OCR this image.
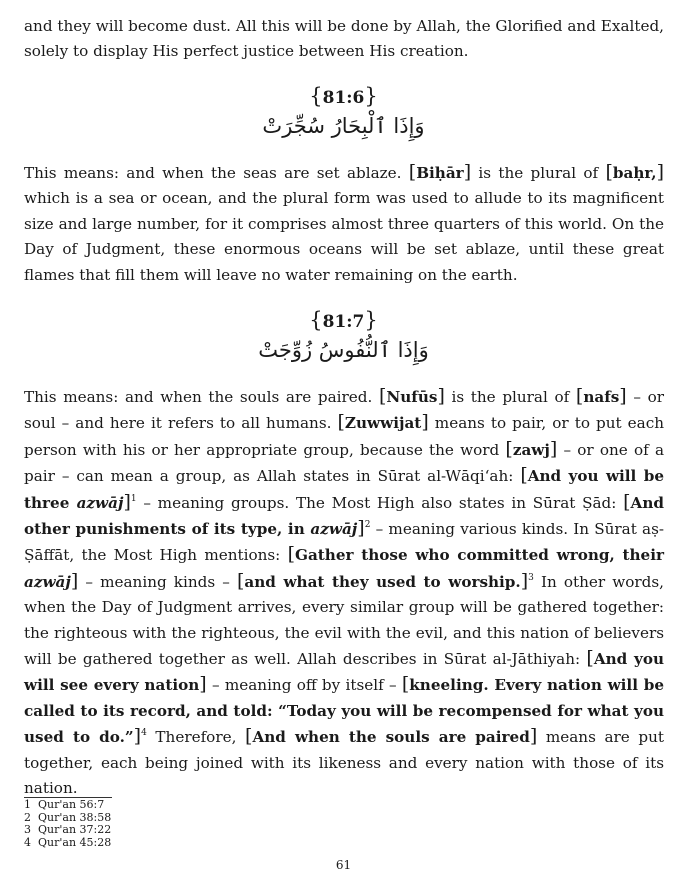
and they will become dust. All this will be done by Allah, the Glorified and Exalted, solely to display His perfect justice between His creation.

{81:6}

وَإِذَا ٱلْبِحَارُ سُجِّرَتْ

This means: and when the seas are set ablaze. [Biḥār] is the plural of [baḥr,] which is a sea or ocean, and the plural form was used to allude to its magnificent size and large number, for it comprises almost three quarters of this world. On the Day of Judgment, these enormous oceans will be set ablaze, until these great flames that fill them will leave no water remaining on the earth.

{81:7}

وَإِذَا ٱلنُّفُوسُ زُوِّجَتْ

This means: and when the souls are paired. [Nufūs] is the plural of [nafs] – or soul – and here it refers to all humans. [Zuwwijat] means to pair, or to put each person with his or her appropriate group, because the word [zawj] – or one of a pair – can mean a group, as Allah states in Sūrat al-Wāqi‘ah: [And you will be three azwāj]$^1$ – meaning groups. The Most High also states in Sūrat Ṣād: [And other punishments of its type, in azwāj]$^2$ – meaning various kinds. In Sūrat aṣ-Ṣāffāt, the Most High mentions: [Gather those who committed wrong, their azwāj] – meaning kinds – [and what they used to worship.]$^3$ In other words, when the Day of Judgment arrives, every similar group will be gathered together: the righteous with the righteous, the evil with the evil, and this nation of believers will be gathered together as well. Allah describes in Sūrat al-Jāthiyah: [And you will see every nation] – meaning off by itself – [kneeling. Every nation will be called to its record, and told: “Today you will be recompensed for what you used to do.”]$^4$ Therefore, [And when the souls are paired] means are put together, each being joined with its likeness and every nation with those of its nation.

1 Qur'an 56:7
2 Qur'an 38:58
3 Qur'an 37:22
4 Qur'an 45:28
61
